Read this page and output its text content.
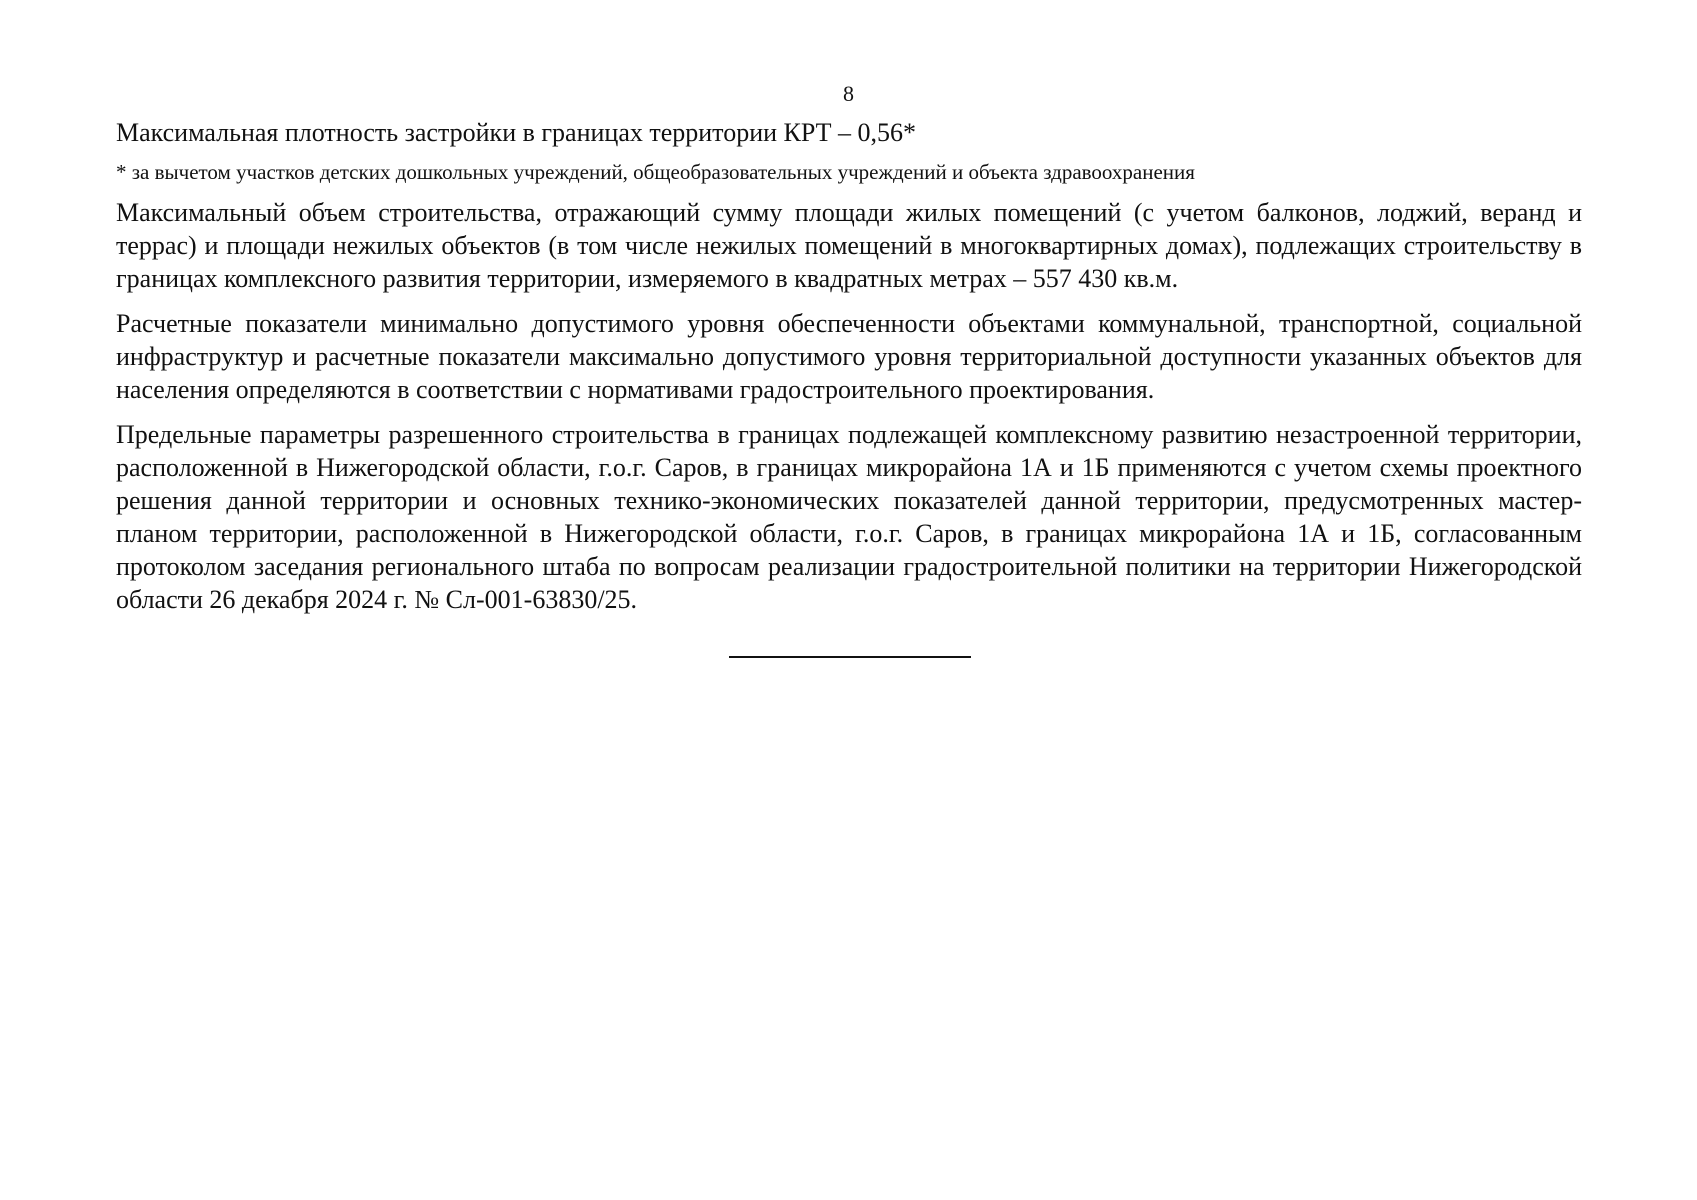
8

Максимальная плотность застройки в границах территории КРТ – 0,56*

* за вычетом участков детских дошкольных учреждений, общеобразовательных учреждений и объекта здравоохранения

Максимальный объем строительства, отражающий сумму площади жилых помещений (с учетом балконов, лоджий, веранд и террас) и площади нежилых объектов (в том числе нежилых помещений в многоквартирных домах), подлежащих строительству в границах комплексного развития территории, измеряемого в квадратных метрах – 557 430 кв.м.

Расчетные показатели минимально допустимого уровня обеспеченности объектами коммунальной, транспортной, социальной инфраструктур и расчетные показатели максимально допустимого уровня территориальной доступности указанных объектов для населения определяются в соответствии с нормативами градостроительного проектирования.

Предельные параметры разрешенного строительства в границах подлежащей комплексному развитию незастроенной территории, расположенной в Нижегородской области, г.о.г. Саров, в границах микрорайона 1А и 1Б применяются с учетом схемы проектного решения данной территории и основных технико-экономических показателей данной территории, предусмотренных мастер-планом территории, расположенной в Нижегородской области, г.о.г. Саров, в границах микрорайона 1А и 1Б, согласованным протоколом заседания регионального штаба по вопросам реализации градостроительной политики на территории Нижегородской области 26 декабря 2024 г. № Сл-001-63830/25.
